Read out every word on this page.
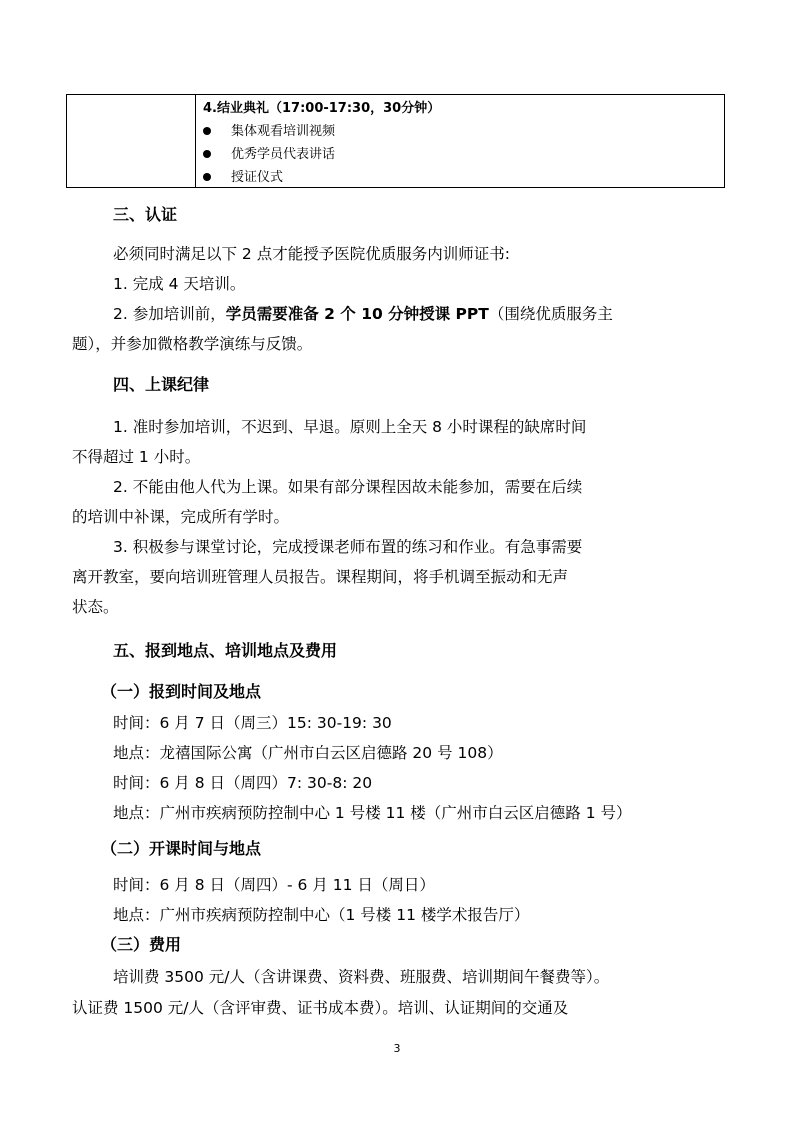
4.结业典礼（17:00-17:30，30分钟）
集体观看培训视频
优秀学员代表讲话
授证仪式
三、认证
必须同时满足以下 2 点才能授予医院优质服务内训师证书:
1. 完成 4 天培训。
2. 参加培训前，学员需要准备 2 个 10 分钟授课 PPT（围绕优质服务主
题），并参加微格教学演练与反馈。
四、上课纪律
1. 准时参加培训，不迟到、早退。原则上全天 8 小时课程的缺席时间
不得超过 1 小时。
2. 不能由他人代为上课。如果有部分课程因故未能参加，需要在后续
的培训中补课，完成所有学时。
3. 积极参与课堂讨论，完成授课老师布置的练习和作业。有急事需要
离开教室，要向培训班管理人员报告。课程期间，将手机调至振动和无声
状态。
五、报到地点、培训地点及费用
（一）报到时间及地点
时间：6 月 7 日（周三）15: 30-19: 30
地点：龙禧国际公寓（广州市白云区启德路 20 号 108）
时间：6 月 8 日（周四）7: 30-8: 20
地点：广州市疾病预防控制中心 1 号楼 11 楼（广州市白云区启德路 1 号）
（二）开课时间与地点
时间：6 月 8 日（周四）- 6 月 11 日（周日）
地点：广州市疾病预防控制中心（1 号楼 11 楼学术报告厅）
（三）费用
培训费 3500 元/人（含讲课费、资料费、班服费、培训期间午餐费等）。
认证费 1500 元/人（含评审费、证书成本费）。培训、认证期间的交通及
3
